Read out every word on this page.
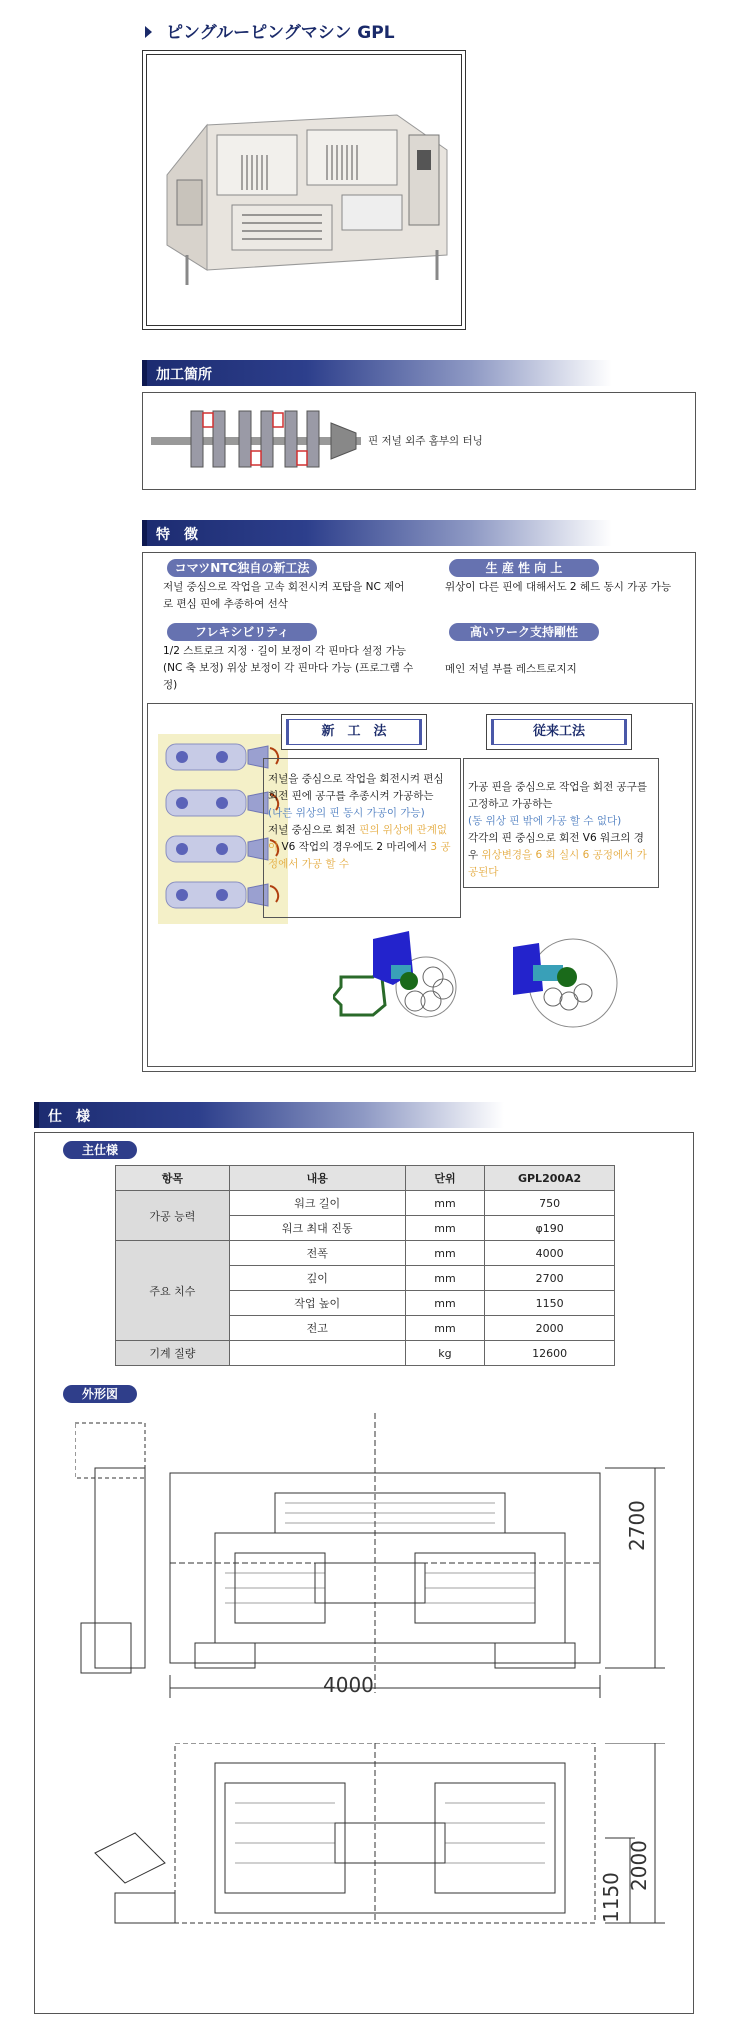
ピングルーピングマシン GPL
加工箇所
핀 저널 외주 홈부의 터닝
特　徴
コマツNTC独自の新工法
저널 중심으로 작업을 고속 회전시켜 포탑을 NC 제어로 편심 핀에 추종하여 선삭
生 産 性 向 上
위상이 다른 핀에 대해서도 2 헤드 동시 가공 가능
フレキシビリティ
1/2 스트로크 지정 · 길이 보정이 각 핀마다 설정 가능 (NC 축 보정) 위상 보정이 각 핀마다 가능 (프로그램 수정)
高いワーク支持剛性
메인 저널 부를 레스트로지지
新　工　法
저널을 중심으로 작업을 회전시켜 편심 회전 핀에 공구를 추종시켜 가공하는
(나른 위상의 핀 동시 가공이 가능)
저널 중심으로 회전 핀의 위상에 관계없이 V6 작업의 경우에도 2 마리에서 3 공정에서 가공 할 수
従来工法
가공 핀을 중심으로 작업을 회전 공구를 고정하고 가공하는
(동 위상 핀 밖에 가공 할 수 없다)
각각의 핀 중심으로 회전 V6 워크의 경우 위상변경을 6 회 실시 6 공정에서 가공된다
仕　様
主仕様
항목	내용	단위	GPL200A2
가공 능력	워크 길이	mm	750
	워크 최대 진동	mm	φ190
주요 치수	전폭	mm	4000
	깊이	mm	2700
	작업 높이	mm	1150
	전고	mm	2000
기계 질량		kg	12600
外形図
4000
2700
2000
1150
